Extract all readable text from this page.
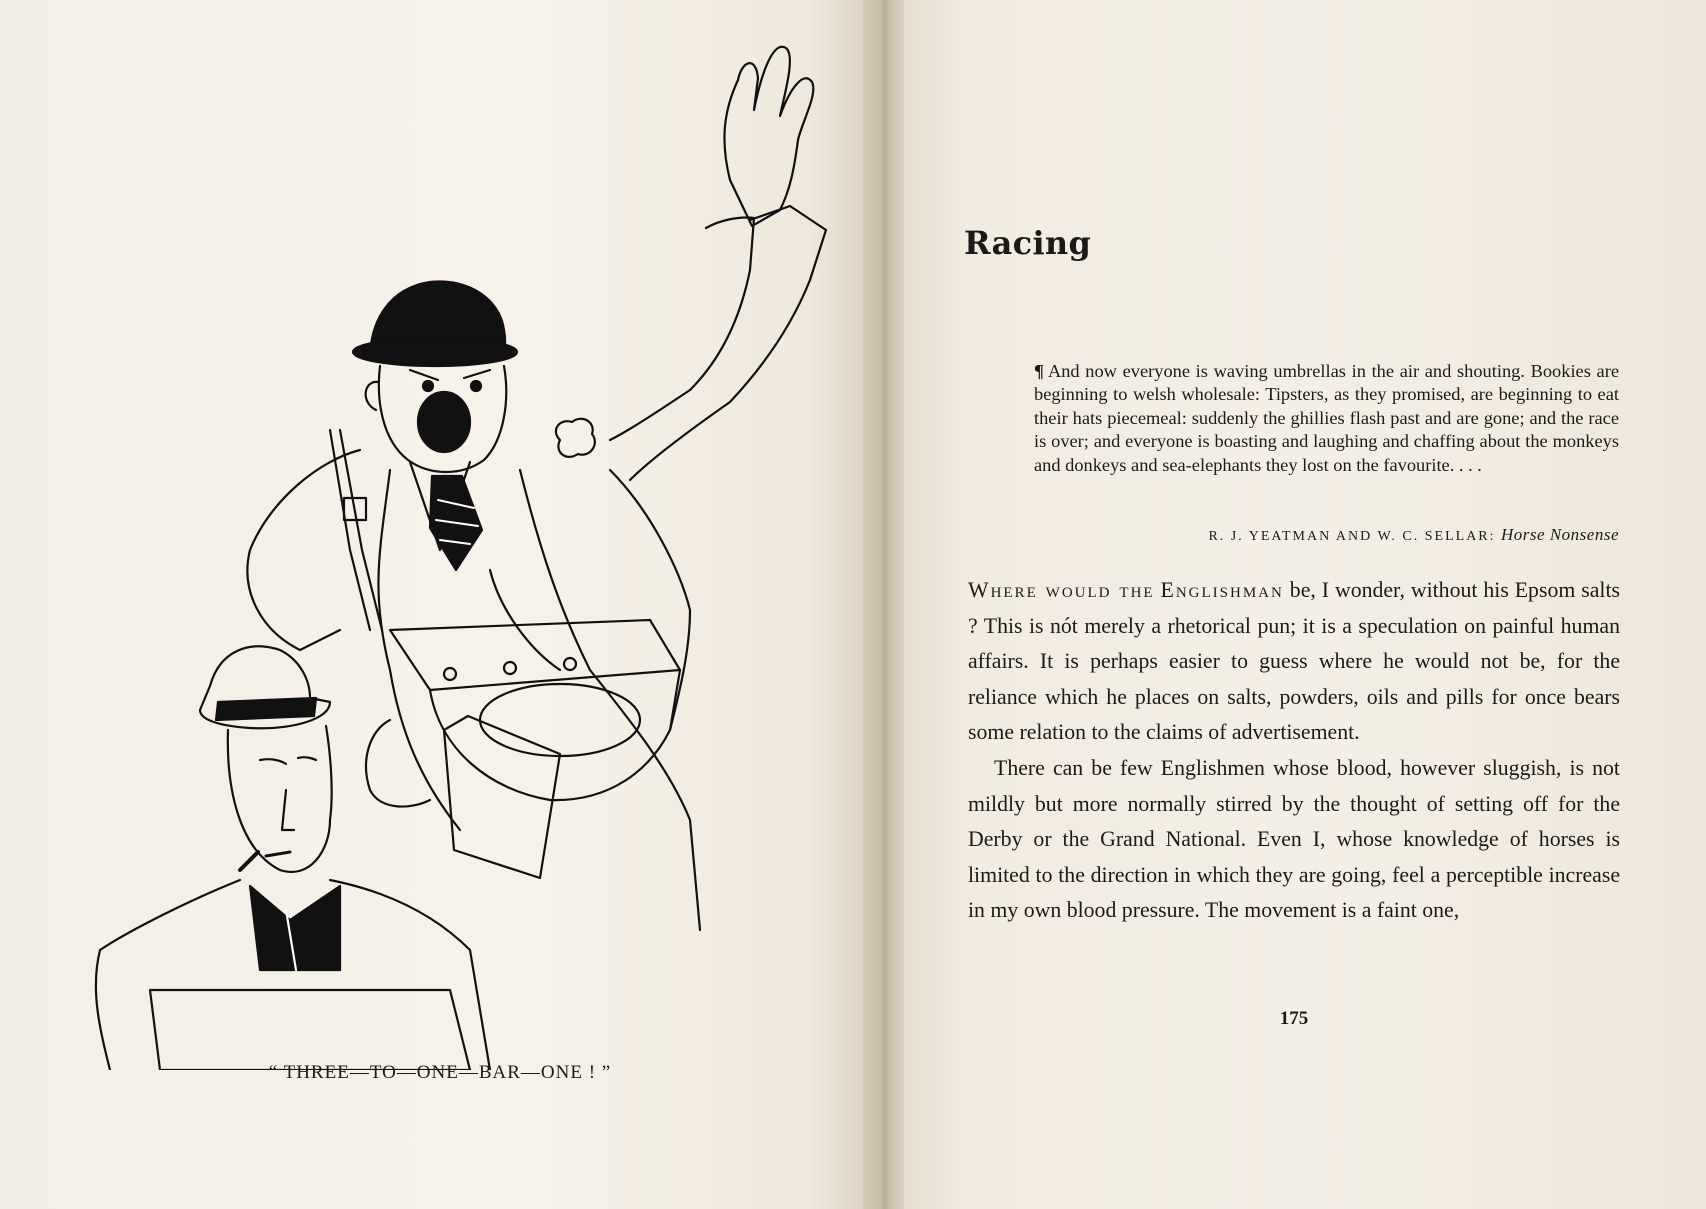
“ THREE—TO—ONE—BAR—ONE ! ”
Racing
¶ And now everyone is waving umbrellas in the air and shouting. Bookies are beginning to welsh wholesale: Tipsters, as they promised, are beginning to eat their hats piecemeal: suddenly the ghillies flash past and are gone; and the race is over; and everyone is boasting and laughing and chaffing about the monkeys and donkeys and sea-elephants they lost on the favourite. . . .
R. J. YEATMAN AND W. C. SELLAR: Horse Nonsense

Where would the Englishman be, I wonder, without his Epsom salts ? This is nót merely a rhetorical pun; it is a speculation on painful human affairs. It is perhaps easier to guess where he would not be, for the reliance which he places on salts, powders, oils and pills for once bears some relation to the claims of advertisement.

There can be few Englishmen whose blood, however sluggish, is not mildly but more normally stirred by the thought of setting off for the Derby or the Grand National. Even I, whose knowledge of horses is limited to the direction in which they are going, feel a perceptible increase in my own blood pressure. The movement is a faint one,

175
